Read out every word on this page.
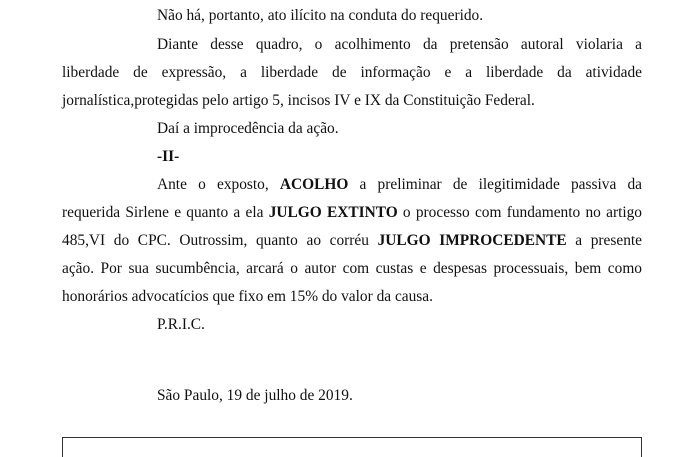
Não há, portanto, ato ilícito na conduta do requerido.
Diante desse quadro, o acolhimento da pretensão autoral violaria a
liberdade de expressão, a liberdade de informação e a liberdade da atividade
jornalística,protegidas pelo artigo 5, incisos IV e IX da Constituição Federal.
Daí a improcedência da ação.
-II-
Ante o exposto, ACOLHO a preliminar de ilegitimidade passiva da
requerida Sirlene e quanto a ela JULGO EXTINTO o processo com fundamento no artigo
485,VI do CPC. Outrossim, quanto ao corréu JULGO IMPROCEDENTE a presente
ação. Por sua sucumbência, arcará o autor com custas e despesas processuais, bem como
honorários advocatícios que fixo em 15% do valor da causa.
P.R.I.C.
São Paulo, 19 de julho de 2019.
